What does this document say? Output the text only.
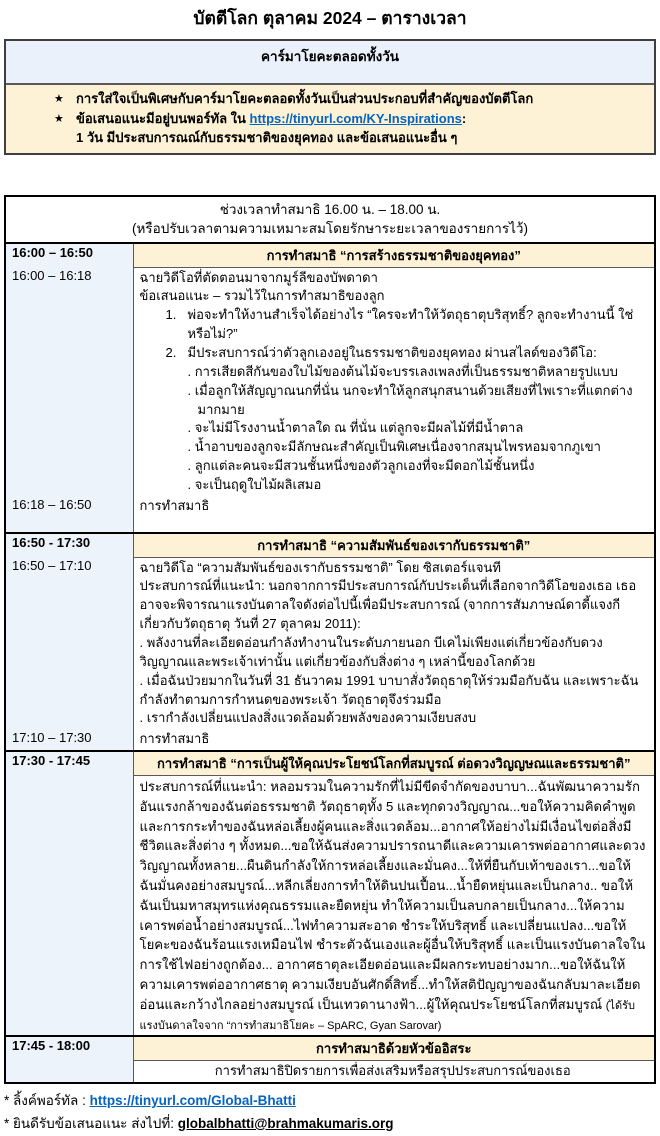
บัตตีโลก ตุลาคม 2024 – ตารางเวลา
คาร์มาโยคะตลอดทั้งวัน
★ การใส่ใจเป็นพิเศษกับคาร์มาโยคะตลอดทั้งวันเป็นส่วนประกอบที่สำคัญของบัตตีโลก
★ ข้อเสนอแนะมีอยู่บนพอร์ทัล ใน https://tinyurl.com/KY-Inspirations:
1 วัน มีประสบการณณ์กับธรรมชาติของยุคทอง และข้อเสนอแนะอื่น ๆ
ช่วงเวลาทำสมาธิ 16.00 น. – 18.00 น.
(หรือปรับเวลาตามความเหมาะสมโดยรักษาระยะเวลาของรายการไว้)	

16:00 – 16:50	การทำสมาธิ “การสร้างธรรมชาติของยุคทอง”
16:00 – 16:18	ฉายวิดีโอที่ตัดตอนมาจากมูร์ลีของบัพดาดา
ข้อเสนอแนะ – รวมไว้ในการทำสมาธิของลูก
1. พ่อจะทำให้งานสำเร็จได้อย่างไร “ใครจะทำให้วัตถุธาตุบริสุทธิ์? ลูกจะทำงานนี้ ใช่หรือไม่?”
2. มีประสบการณ์ว่าตัวลูกเองอยู่ในธรรมชาติของยุคทอง ผ่านสไลด์ของวิดีโอ:
. การเสียดสีกันของใบไม้ของต้นไม้จะบรรเลงเพลงที่เป็นธรรมชาติหลายรูปแบบ
. เมื่อลูกให้สัญญาณนกที่นั่น นกจะทำให้ลูกสนุกสนานด้วยเสียงที่ไพเราะที่แตกต่างมากมาย
. จะไม่มีโรงงานน้ำตาลใด ณ ที่นั่น แต่ลูกจะมีผลไม้ที่มีน้ำตาล
. น้ำอาบของลูกจะมีลักษณะสำคัญเป็นพิเศษเนื่องจากสมุนไพรหอมจากภูเขา
. ลูกแต่ละคนจะมีสวนชั้นหนึ่งของตัวลูกเองที่จะมีดอกไม้ชั้นหนึ่ง
. จะเป็นฤดูใบไม้ผลิเสมอ

16:18 – 16:50	การทำสมาธิ
16:50 - 17:30	การทำสมาธิ “ความสัมพันธ์ของเรากับธรรมชาติ”
16:50 – 17:10	ฉายวิดีโอ “ความสัมพันธ์ของเรากับธรรมชาติ” โดย ซิสเตอร์แจนที
ประสบการณ์ที่แนะนำ: นอกจากการมีประสบการณ์กับประเด็นที่เลือกจากวิดีโอของเธอ เธออาจจะพิจารณาแรงบันดาลใจดังต่อไปนี้เพื่อมีประสบการณ์ (จากการสัมภาษณ์ดาดี้แจงกีเกี่ยวกับวัตถุธาตุ วันที่ 27 ตุลาคม 2011):
. พลังงานที่ละเอียดอ่อนกำลังทำงานในระดับภายนอก บีเคไม่เพียงแต่เกี่ยวข้องกับดวงวิญญาณและพระเจ้าเท่านั้น แต่เกี่ยวข้องกับสิ่งต่าง ๆ เหล่านี้ของโลกด้วย
. เมื่อฉันป่วยมากในวันที่ 31 ธันวาคม 1991 บาบาสั่งวัตถุธาตุให้ร่วมมือกับฉัน และเพราะฉันกำลังทำตามการกำหนดของพระเจ้า วัตถุธาตุจึงร่วมมือ
. เรากำลังเปลี่ยนแปลงสิ่งแวดล้อมด้วยพลังของความเงียบสงบ

17:10 – 17:30	การทำสมาธิ
17:30 - 17:45	การทำสมาธิ “การเป็นผู้ให้คุณประโยชน์โลกที่สมบูรณ์ ต่อดวงวิญญษณและธรรมชาติ”

	ประสบการณ์ที่แนะนำ: หลอมรวมในความรักที่ไม่มีขีดจำกัดของบาบา...ฉันพัฒนาความรักอันแรงกล้าของฉันต่อธรรมชาติ วัตถุธาตุทั้ง 5 และทุกดวงวิญญาณ...ขอให้ความคิดคำพูดและการกระทำของฉันหล่อเลี้ยงผู้คนและสิ่งแวดล้อม...อากาศให้อย่างไม่มีเงื่อนไขต่อสิ่งมีชีวิตและสิ่งต่าง ๆ ทั้งหมด...ขอให้ฉันส่งความปรารถนาดีและความเคารพต่ออากาศและดวงวิญญาณทั้งหลาย...ผืนดินกำลังให้การหล่อเลี้ยงและมั่นคง...ให้ที่ยืนกับเท้าของเรา...ขอให้ฉันมั่นคงอย่างสมบูรณ์...หลีกเลี่ยงการทำให้ดินปนเปื้อน...น้ำยืดหยุ่นและเป็นกลาง.. ขอให้ฉันเป็นมหาสมุทรแห่งคุณธรรมและยืดหยุ่น ทำให้ความเป็นลบกลายเป็นกลาง...ให้ความเคารพต่อน้ำอย่างสมบูรณ์...ไฟทำความสะอาด ชำระให้บริสุทธิ์ และเปลี่ยนแปลง...ขอให้โยคะของฉันร้อนแรงเหมือนไฟ ชำระตัวฉันเองและผู้อื่นให้บริสุทธิ์ และเป็นแรงบันดาลใจในการใช้ไฟอย่างถูกต้อง... อากาศธาตุละเอียดอ่อนและมีผลกระทบอย่างมาก...ขอให้ฉันให้ความเคารพต่ออากาศธาตุ ความเงียบอันศักดิ์สิทธิ์...ทำให้สติปัญญาของฉันกลับมาละเอียดอ่อนและกว้างไกลอย่างสมบูรณ์ เป็นเทวดานางฟ้า...ผู้ให้คุณประโยชน์โลกที่สมบูรณ์ (ได้รับแรงบันดาลใจจาก “การทำสมาธิโยคะ – SpARC, Gyan Sarovar)

17:45 - 18:00	การทำสมาธิด้วยหัวข้ออิสระ
	การทำสมาธิปิดรายการเพื่อส่งเสริมหรือสรุปประสบการณ์ของเธอ
* ลิ้งค์พอร์ทัล : https://tinyurl.com/Global-Bhatti
* ยินดีรับข้อเสนอแนะ ส่งไปที่: globalbhatti@brahmakumaris.org
